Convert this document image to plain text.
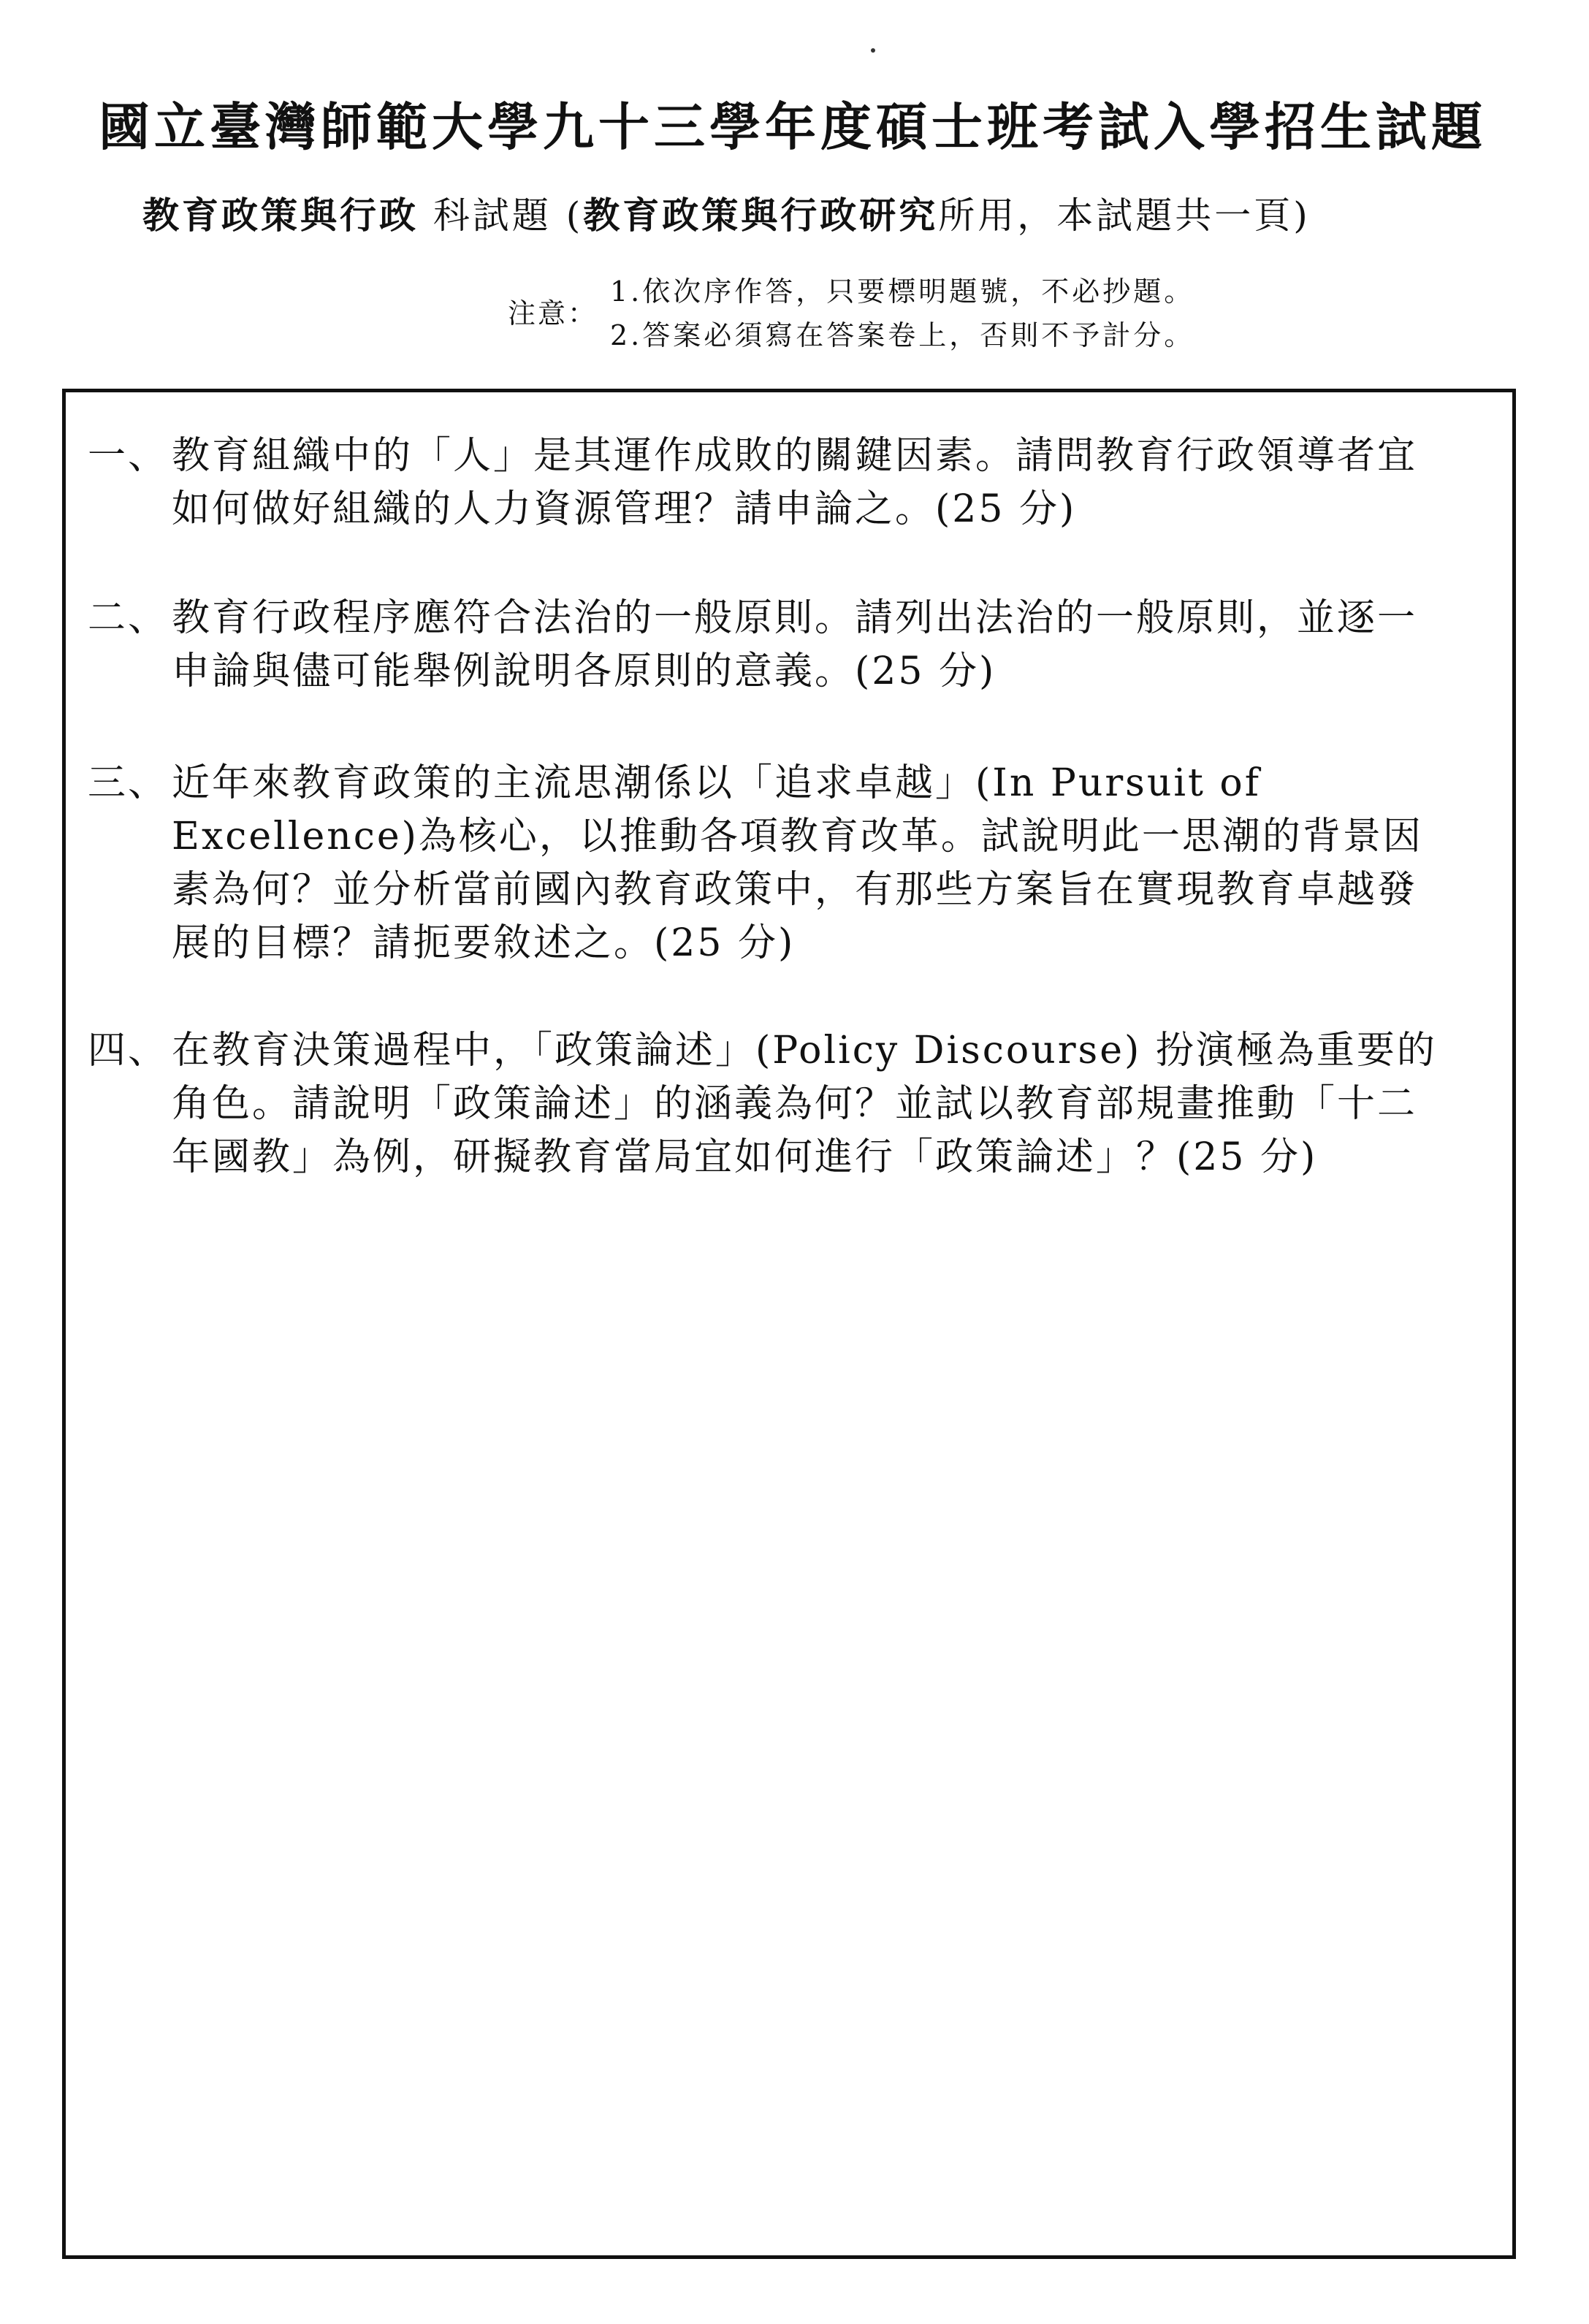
國立臺灣師範大學九十三學年度碩士班考試入學招生試題
教育政策與行政 科試題 (教育政策與行政研究所用，本試題共一頁)
注意：
1.依次序作答，只要標明題號，不必抄題。
2.答案必須寫在答案卷上，否則不予計分。
一、 教育組織中的「人」是其運作成敗的關鍵因素。請問教育行政領導者宜
如何做好組織的人力資源管理？請申論之。(25 分)
二、 教育行政程序應符合法治的一般原則。請列出法治的一般原則，並逐一
申論與儘可能舉例說明各原則的意義。(25 分)
三、 近年來教育政策的主流思潮係以「追求卓越」(In Pursuit of
Excellence)為核心，以推動各項教育改革。試說明此一思潮的背景因
素為何？並分析當前國內教育政策中，有那些方案旨在實現教育卓越發
展的目標？請扼要敘述之。(25 分)
四、 在教育決策過程中，「政策論述」(Policy Discourse) 扮演極為重要的
角色。請說明「政策論述」的涵義為何？並試以教育部規畫推動「十二
年國教」為例，研擬教育當局宜如何進行「政策論述」？(25 分)
